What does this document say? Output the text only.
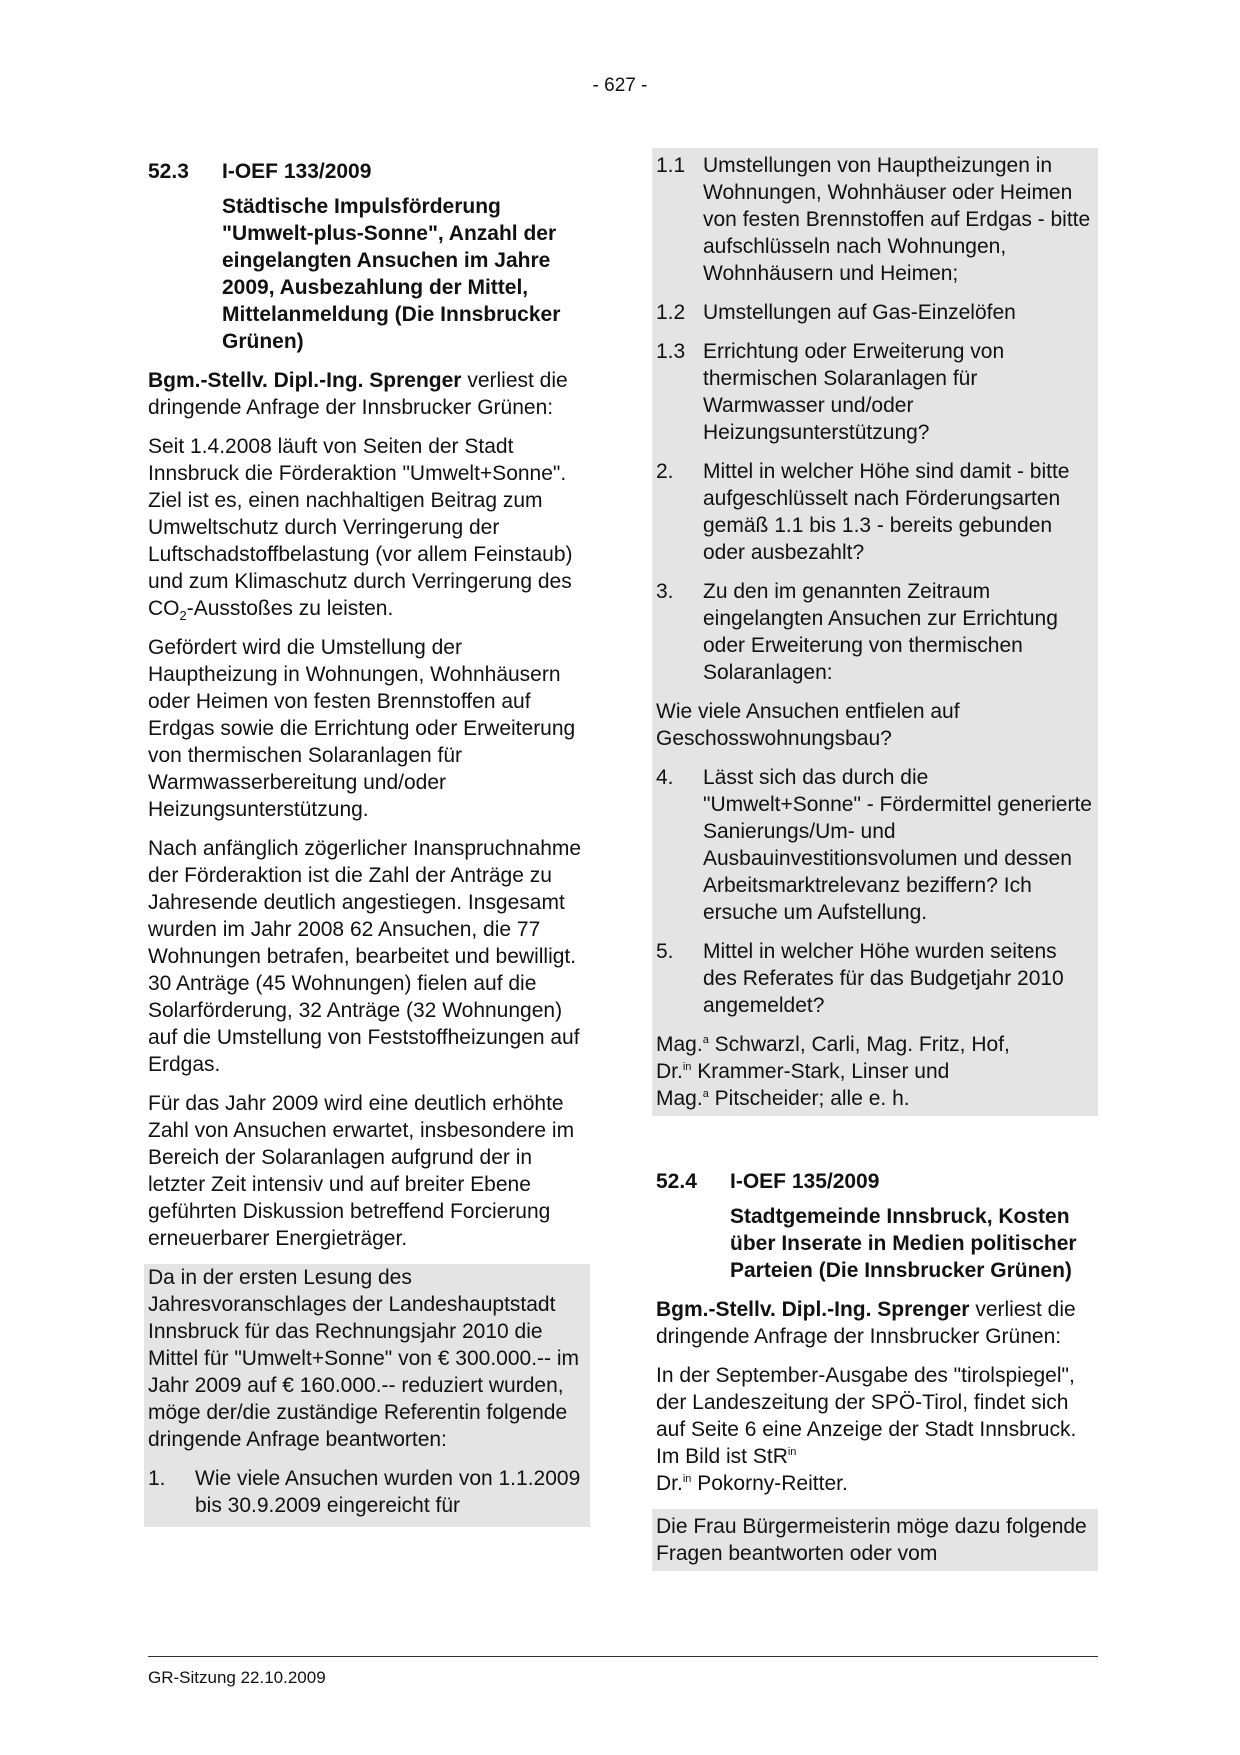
- 627 -
52.3	I-OEF 133/2009
Städtische Impulsförderung "Umwelt-plus-Sonne", Anzahl der eingelangten Ansuchen im Jahre 2009, Ausbezahlung der Mittel, Mittelanmeldung (Die Innsbrucker Grünen)

Bgm.-Stellv. Dipl.-Ing. Sprenger verliest die dringende Anfrage der Innsbrucker Grünen:

Seit 1.4.2008 läuft von Seiten der Stadt Innsbruck die Förderaktion "Umwelt+Sonne". Ziel ist es, einen nachhaltigen Beitrag zum Umweltschutz durch Verringerung der Luftschadstoffbelastung (vor allem Feinstaub) und zum Klimaschutz durch Verringerung des $CO_2$-Ausstoßes zu leisten.

Gefördert wird die Umstellung der Hauptheizung in Wohnungen, Wohnhäusern oder Heimen von festen Brennstoffen auf Erdgas sowie die Errichtung oder Erweiterung von thermischen Solaranlagen für Warmwasserbereitung und/oder Heizungsunterstützung.

Nach anfänglich zögerlicher Inanspruchnahme der Förderaktion ist die Zahl der Anträge zu Jahresende deutlich angestiegen. Insgesamt wurden im Jahr 2008 62 Ansuchen, die 77 Wohnungen betrafen, bearbeitet und bewilligt. 30 Anträge (45 Wohnungen) fielen auf die Solarförderung, 32 Anträge (32 Wohnungen) auf die Umstellung von Feststoffheizungen auf Erdgas.

Für das Jahr 2009 wird eine deutlich erhöhte Zahl von Ansuchen erwartet, insbesondere im Bereich der Solaranlagen aufgrund der in letzter Zeit intensiv und auf breiter Ebene geführten Diskussion betreffend Forcierung erneuerbarer Energieträger.

Da in der ersten Lesung des Jahresvoranschlages der Landeshauptstadt Innsbruck für das Rechnungsjahr 2010 die Mittel für "Umwelt+Sonne" von € 300.000.-- im Jahr 2009 auf € 160.000.-- reduziert wurden, möge der/die zuständige Referentin folgende dringende Anfrage beantworten:

1.	Wie viele Ansuchen wurden von 1.1.2009 bis 30.9.2009 eingereicht für
1.1 Umstellungen von Hauptheizungen in Wohnungen, Wohnhäuser oder Heimen von festen Brennstoffen auf Erdgas - bitte aufschlüsseln nach Wohnungen, Wohnhäusern und Heimen;
1.2 Umstellungen auf Gas-Einzelöfen
1.3 Errichtung oder Erweiterung von thermischen Solaranlagen für Warmwasser und/oder Heizungsunterstützung?
2.	Mittel in welcher Höhe sind damit - bitte aufgeschlüsselt nach Förderungsarten gemäß 1.1 bis 1.3 - bereits gebunden oder ausbezahlt?
3.	Zu den im genannten Zeitraum eingelangten Ansuchen zur Errichtung oder Erweiterung von thermischen Solaranlagen:

Wie viele Ansuchen entfielen auf Geschosswohnungsbau?

4.	Lässt sich das durch die "Umwelt+Sonne" - Fördermittel generierte Sanierungs/Um- und Ausbauinvestitionsvolumen und dessen Arbeitsmarktrelevanz beziffern? Ich ersuche um Aufstellung.
5.	Mittel in welcher Höhe wurden seitens des Referates für das Budgetjahr 2010 angemeldet?
Mag.$^a$ Schwarzl, Carli, Mag. Fritz, Hof,
Dr.$^{in}$ Krammer-Stark, Linser und
Mag.$^a$ Pitscheider; alle e. h.
52.4	I-OEF 135/2009
Stadtgemeinde Innsbruck, Kosten über Inserate in Medien politischer Parteien (Die Innsbrucker Grünen)

Bgm.-Stellv. Dipl.-Ing. Sprenger verliest die dringende Anfrage der Innsbrucker Grünen:

In der September-Ausgabe des "tirolspiegel", der Landeszeitung der SPÖ-Tirol, findet sich auf Seite 6 eine Anzeige der Stadt Innsbruck. Im Bild ist StR$^{in}$
Dr.$^{in}$ Pokorny-Reitter.

Die Frau Bürgermeisterin möge dazu folgende Fragen beantworten oder vom

GR-Sitzung 22.10.2009
